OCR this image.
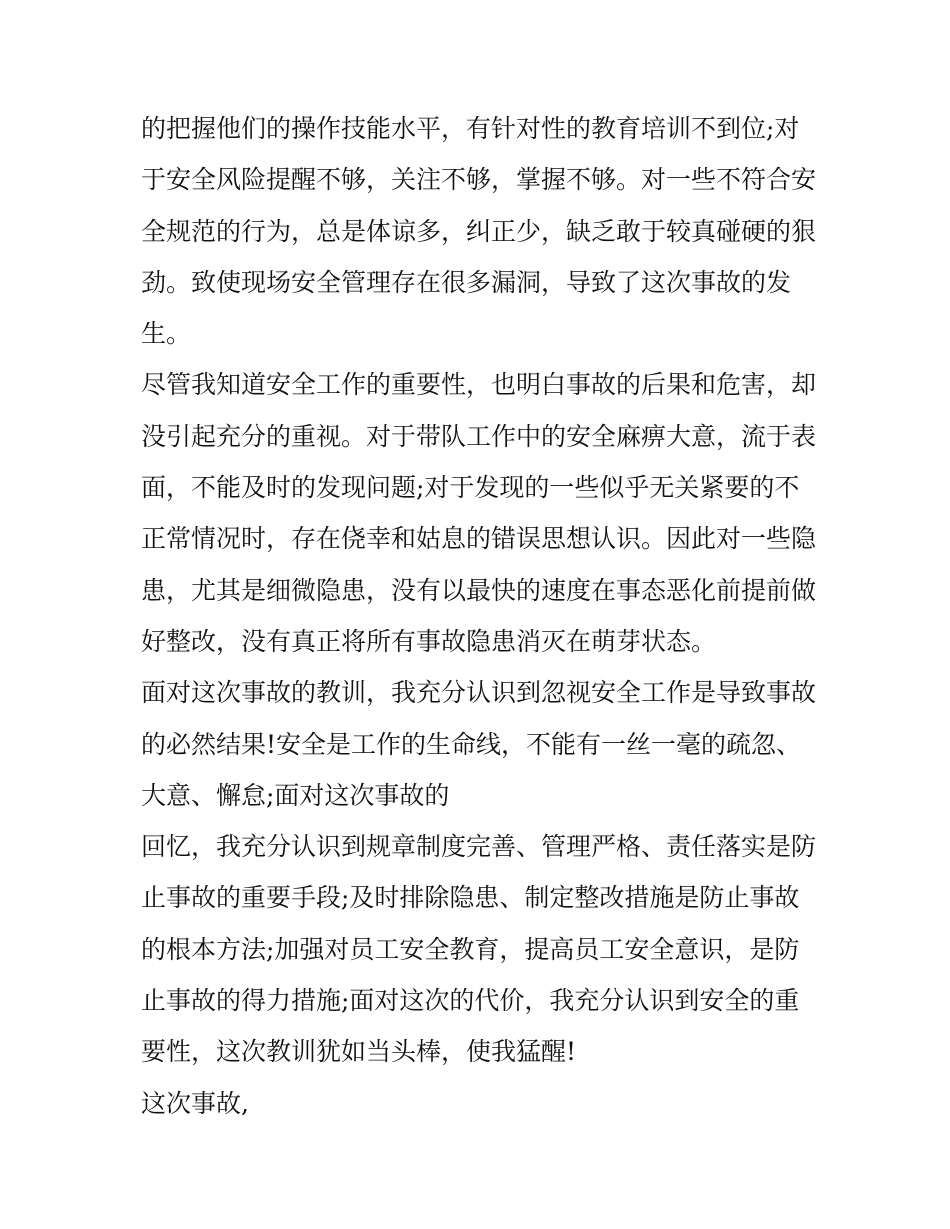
的把握他们的操作技能水平，有针对性的教育培训不到位;对
于安全风险提醒不够，关注不够，掌握不够。对一些不符合安
全规范的行为，总是体谅多，纠正少，缺乏敢于较真碰硬的狠
劲。致使现场安全管理存在很多漏洞，导致了这次事故的发
生。
尽管我知道安全工作的重要性，也明白事故的后果和危害，却
没引起充分的重视。对于带队工作中的安全麻痹大意，流于表
面，不能及时的发现问题;对于发现的一些似乎无关紧要的不
正常情况时，存在侥幸和姑息的错误思想认识。因此对一些隐
患，尤其是细微隐患，没有以最快的速度在事态恶化前提前做
好整改，没有真正将所有事故隐患消灭在萌芽状态。
面对这次事故的教训，我充分认识到忽视安全工作是导致事故
的必然结果!安全是工作的生命线，不能有一丝一毫的疏忽、
大意、懈怠;面对这次事故的
回忆，我充分认识到规章制度完善、管理严格、责任落实是防
止事故的重要手段;及时排除隐患、制定整改措施是防止事故
的根本方法;加强对员工安全教育，提高员工安全意识，是防
止事故的得力措施;面对这次的代价，我充分认识到安全的重
要性，这次教训犹如当头棒，使我猛醒!
这次事故,
